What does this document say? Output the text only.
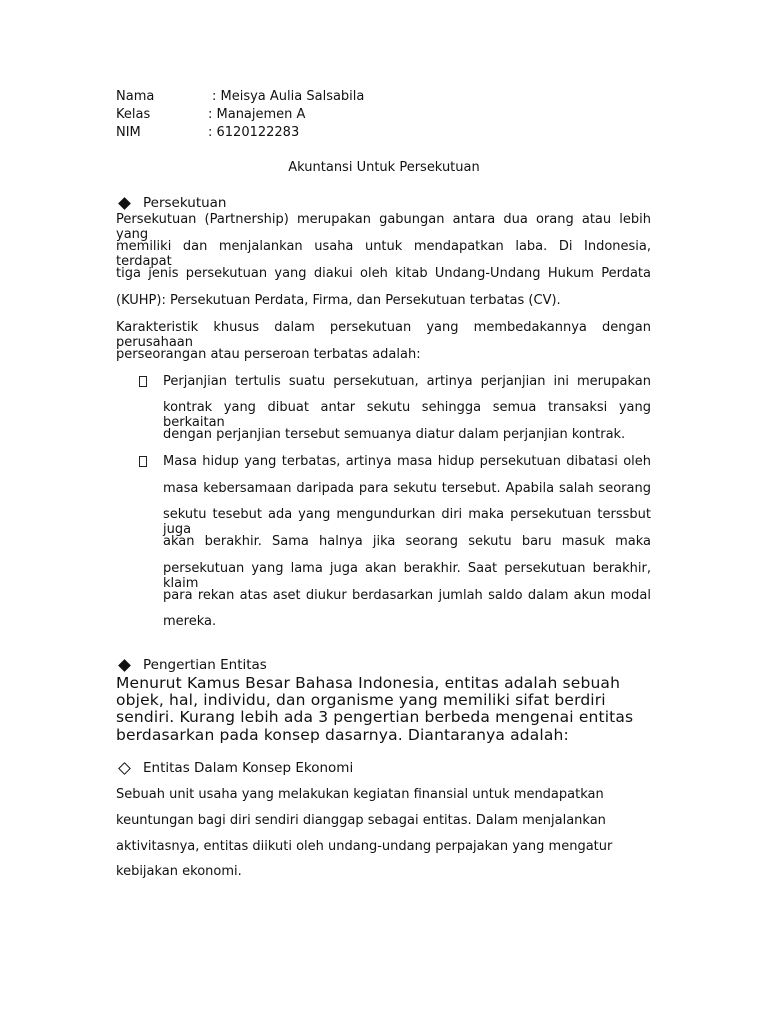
Nama	: Meisya Aulia Salsabila
Kelas	: Manajemen A
NIM	: 6120122283
Akuntansi Untuk Persekutuan
Persekutuan
Persekutuan (Partnership) merupakan gabungan antara dua orang atau lebih yang
memiliki dan menjalankan usaha untuk mendapatkan laba. Di Indonesia, terdapat
tiga jenis persekutuan yang diakui oleh kitab Undang-Undang Hukum Perdata
(KUHP): Persekutuan Perdata, Firma, dan Persekutuan terbatas (CV).
Karakteristik khusus dalam persekutuan yang membedakannya dengan perusahaan
perseorangan atau perseroan terbatas adalah:
Perjanjian tertulis suatu persekutuan, artinya perjanjian ini merupakan
kontrak yang dibuat antar sekutu sehingga semua transaksi yang berkaitan
dengan perjanjian tersebut semuanya diatur dalam perjanjian kontrak.
Masa hidup yang terbatas, artinya masa hidup persekutuan dibatasi oleh
masa kebersamaan daripada para sekutu tersebut. Apabila salah seorang
sekutu tesebut ada yang mengundurkan diri maka persekutuan terssbut juga
akan berakhir. Sama halnya jika seorang sekutu baru masuk maka
persekutuan yang lama juga akan berakhir. Saat persekutuan berakhir, klaim
para rekan atas aset diukur berdasarkan jumlah saldo dalam akun modal
mereka.
Pengertian Entitas
Menurut Kamus Besar Bahasa Indonesia, entitas adalah sebuah
objek, hal, individu, dan organisme yang memiliki sifat berdiri
sendiri. Kurang lebih ada 3 pengertian berbeda mengenai entitas
berdasarkan pada konsep dasarnya. Diantaranya adalah:
Entitas Dalam Konsep Ekonomi
Sebuah unit usaha yang melakukan kegiatan finansial untuk mendapatkan
keuntungan bagi diri sendiri dianggap sebagai entitas. Dalam menjalankan
aktivitasnya, entitas diikuti oleh undang-undang perpajakan yang mengatur
kebijakan ekonomi.
